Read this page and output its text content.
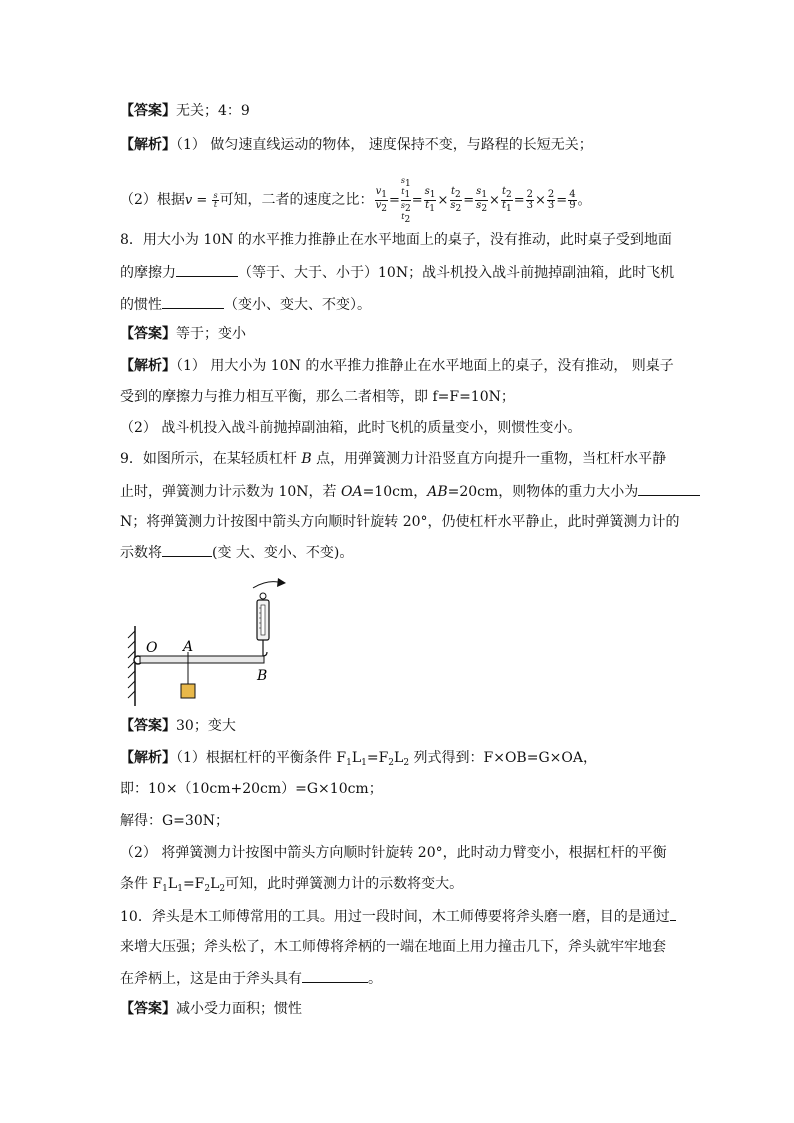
【答案】无关；4：9
【解析】（1） 做匀速直线运动的物体， 速度保持不变，与路程的长短无关；
（2）根据$v = \frac{s}{t}$ 可知，二者的速度之比： $\frac{v_1}{v_2}$ =
$s_1$
$t_1$
$s_2$
$t_2$
= $\frac{s_1}{t_1} \times \frac{t_2}{s_2} = \frac{s_1}{s_2} \times \frac{t_2}{t_1} = \frac{2}{3} \times \frac{2}{3} = \frac{4}{9}$ 。
8．用大小为 10N 的水平推力推静止在水平地面上的桌子，没有推动，此时桌子受到地面
的摩擦力	（等于、大于、小于）10N；战斗机投入战斗前抛掉副油箱，此时飞机
的惯性	（变小、变大、不变）。
【答案】等于；变小
【解析】（1） 用大小为 10N 的水平推力推静止在水平地面上的桌子，没有推动， 则桌子
受到的摩擦力与推力相互平衡，那么二者相等，即 f=F=10N；
（2） 战斗机投入战斗前抛掉副油箱，此时飞机的质量变小，则惯性变小。
9．如图所示，在某轻质杠杆 B 点，用弹簧测力计沿竖直方向提升一重物，当杠杆水平静
止时，弹簧测力计示数为 10N，若 OA=10cm，AB=20cm，则物体的重力大小为
N；将弹簧测力计按图中箭头方向顺时针旋转 20°，仍使杠杆水平静止，此时弹簧测力计的
示数将	(变 大、变小、不变)。
O A
B
【答案】30；变大
【解析】（1）根据杠杆的平衡条件 $F_1L_1=F_2L_2$ 列式得到：F×OB=G×OA，
即：10×（10cm+20cm）=G×10cm；
解得：G=30N；
（2） 将弹簧测力计按图中箭头方向顺时针旋转 20°，此时动力臂变小，根据杠杆的平衡
条件 $F_1L_1=F_2L_2$可知，此时弹簧测力计的示数将变大。
10．斧头是木工师傅常用的工具。用过一段时间，木工师傅要将斧头磨一磨，目的是通过
来增大压强；斧头松了，木工师傅将斧柄的一端在地面上用力撞击几下，斧头就牢牢地套
在斧柄上，这是由于斧头具有	。
【答案】减小受力面积；惯性
